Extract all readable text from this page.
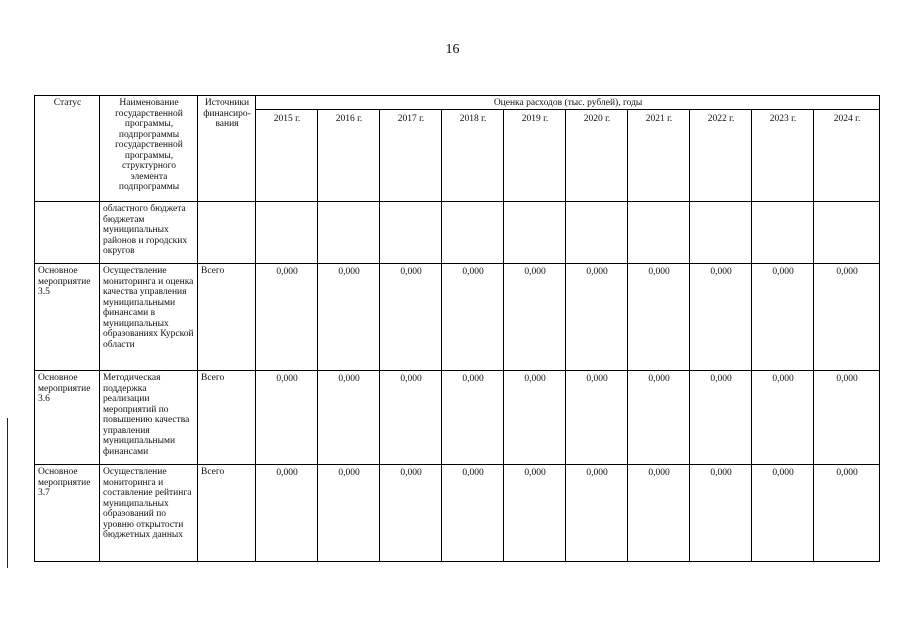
16
Статус	Наименование государственной программы, подпрограммы государственной программы, структурного элемента подпрограммы	Источники финансиро-вания	Оценка расходов (тыс. рублей), годы									
			2015 г.	2016 г.	2017 г.	2018 г.	2019 г.	2020 г.	2021 г.	2022 г.	2023 г.	2024 г.
	областного бюджета бюджетам муниципальных районов и городских округов											
Основное мероприятие 3.5	Осуществление мониторинга и оценка качества управления муниципальными финансами в муниципальных образованиях Курской области	Всего	0,000	0,000	0,000	0,000	0,000	0,000	0,000	0,000	0,000	0,000
Основное мероприятие 3.6	Методическая поддержка реализации мероприятий по повышению качества управления муниципальными финансами	Всего	0,000	0,000	0,000	0,000	0,000	0,000	0,000	0,000	0,000	0,000
Основное мероприятие 3.7	Осуществление мониторинга и составление рейтинга муниципальных образований по уровню открытости бюджетных данных	Всего	0,000	0,000	0,000	0,000	0,000	0,000	0,000	0,000	0,000	0,000
